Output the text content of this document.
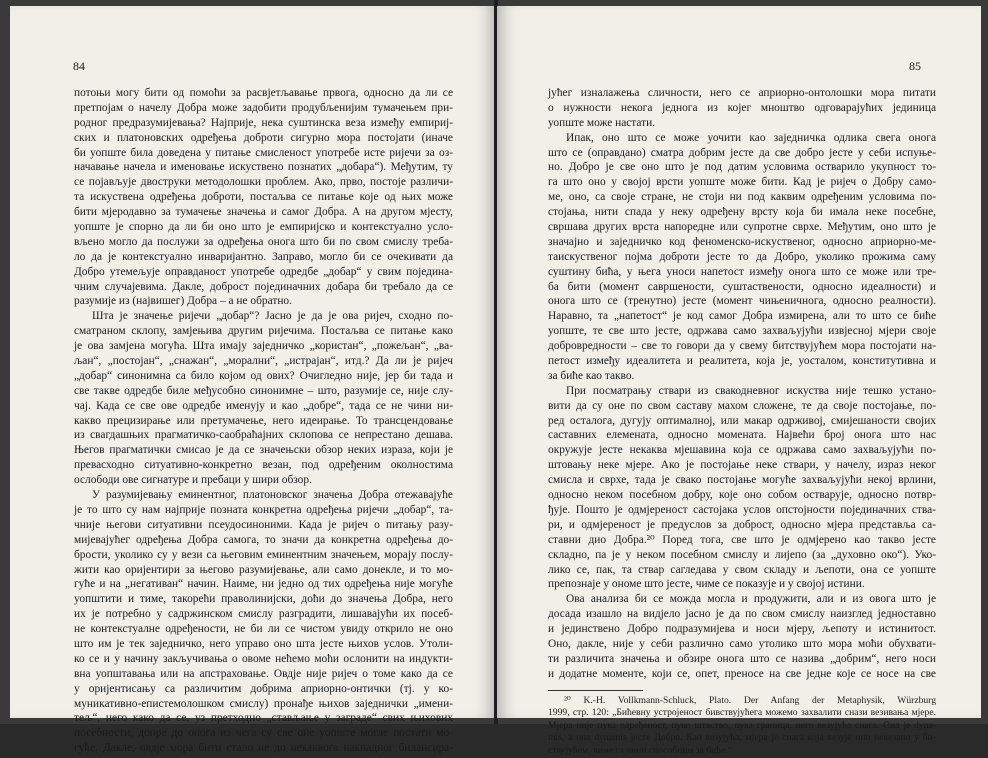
84
потоњи могу бити од помоћи за расвјетљавање првога, односно да ли се
претпојам о начелу Добра може задобити продубљенијим тумачењем при-
родног предразумијевања? Најприје, нека суштинска веза између емпириј-
ских и платоновских одређења доброти сигурно мора постојати (иначе
би уопште била доведена у питање смисленост употребе исте ријечи за оз-
начавање начела и именовање искуствено познатих „добара“). Међутим, ту
се појављује двоструки методолошки проблем. Ако, прво, постоје различи-
та искуствена одређења доброти, постаљва се питање које од њих може
бити мјеродавно за тумачење значења и самог Добра. А на другом мјесту,
уопште је спорно да ли би оно што је емпиријско и контекстуално усло-
вљено могло да послужи за одређења онога што би по свом смислу треба-
ло да је контекстуално инваријантно. Заправо, могло би се очекивати да
Добро утемељује оправданост употребе одредбе „добар“ у свим поједина-
чним случајевима. Дакле, доброст појединачних добара би требало да се
разумије из (највишег) Добра – а не обратно.
Шта је значење ријечи „добар“? Јасно је да је ова ријеч, сходно по-
сматраном склопу, замјењива другим ријечима. Постаљва се питање како
је ова замјена могућа. Шта имају заједничко „користан“, „пожељан“, „ва-
љан“, „постојан“, „снажан“, „морални“, „истрајан“, итд.? Да ли је ријеч
„добар“ синонимна са било којом од ових? Очигледно није, јер би тада и
све такве одредбе биле међусобно синонимне – што, разумије се, није слу-
чај. Када се све ове одредбе именују и као „добре“, тада се не чини ни-
какво прецизирање или претумачење, него идеирање. То трансцендовање
из свагдашњих прагматичко-саобраћајних склопова се непрестано дешава.
Његов прагматички смисао је да се значењски обзор неких израза, који је
превасходно ситуативно-конкретно везан, под одређеним околностима
ослободи ове сигнатуре и пребаци у шири обзор.
У разумијевању еминентног, платоновског значења Добра отежавајуће
је то што су нам најприје позната конкретна одређења ријечи „добар“, та-
чније његови ситуативни псеудосиноними. Када је ријеч о питању разу-
мијевајућег одређења Добра самога, то значи да конкретна одређења до-
брости, уколико су у вези са његовим еминентним значењем, морају послу-
жити као оријентири за његово разумијевање, али само донекле, и то мо-
гуће и на „негативан“ начин. Наиме, ни једно од тих одређења није могуће
уопштити и тиме, такорећи праволинијски, доћи до значења Добра, него
их је потребно у садржинском смислу разградити, лишавајући их посеб-
не контекстуалне одређености, не би ли се чистом увиду открило не оно
што им је тек заједничко, него управо оно шта јесте њихов услов. Утоли-
ко се и у начину закључивања о овоме нећемо моћи ослонити на индукти-
вна уопштавања или на апстраховање. Овдје није ријеч о томе како да се
у оријентисању са различитим добрима априорно-онтички (тј. у ко-
муникативно-епистемолошком смислу) пронађе њихов заједнички „имени-
тељ“, него како да се, уз претходно „стављање у заграде“ свих њихових
посебности, допре до онога из чега су све оне уопште могле постати мо-
гуће. Дакле, овдје мора бити стало не до некаквога накнадног билансира-
85
јућег изналажења сличности, него се априорно-онтолошки мора питати
о нужности некога једнога из којег мноштво одговарајућих јединица
уопште може настати.
Ипак, оно што се може уочити као заједничка одлика свега онога
што се (оправдано) сматра добрим јесте да све добро јесте у себи испуње-
но. Добро је све оно што је под датим условима остварило укупност то-
га што оно у својој врсти уопште може бити. Кад је ријеч о Добру само-
ме, оно, са своје стране, не стоји ни под каквим одређеним условима по-
стојања, нити спада у неку одређену врсту која би имала неке посебне,
свршава других врста напоредне или супротне сврхе. Међутим, оно што је
значајно и заједничко код феноменско-искуственог, односно априорно-ме-
таискуственог појма доброти јесте то да Добро, уколико прожима саму
суштину бића, у њега уноси напетост између онога што се може или тре-
ба бити (момент савршености, суштаствености, односно идеалности) и
онога што се (тренутно) јесте (момент чињеничнога, односно реалности).
Наравно, та „напетост“ је код самог Добра измирена, али то што се биће
уопште, те све што јесте, одржава само захваљујући извјесној мјери своје
добровредности – све то говори да у свему битствујућем мора постојати на-
петост између идеалитета и реалитета, која је, уосталом, конститутивна и
за биће као такво.
При посматрању ствари из свакодневног искуства није тешко устано-
вити да су оне по свом саставу махом сложене, те да своје постојање, по-
ред осталога, дугују оптималној, или макар одрживој, смијешаности својих
саставних елемената, односно момената. Највећи број онога што нас
окружује јесте некаква мјешавина која се одржава само захваљујући по-
штовању неке мјере. Ако је постојање неке ствари, у начелу, израз неког
смисла и сврхе, тада је свако постојање могуће захваљујући некој врлини,
односно неком посебном добру, које оно собом остварује, односно потвр-
ђује. Пошто је одмјереност састојака услов опстојности појединачних ства-
ри, и одмјереност је предуслов за доброст, односно мјера представља са-
ставни дио Добра.²⁰ Поред тога, све што је одмјерено као такво јесте
складно, па је у неком посебном смислу и лијепо (за „духовно око“). Уко-
лико се, пак, та ствар сагледава у свом складу и љепоти, она се уопште
препознаје у ономе што јесте, чиме се показује и у својој истини.
Ова анализа би се можда могла и продужити, али и из овога што је
досада изашло на видјело јасно је да по свом смислу наизглед једноставно
и јединствено Добро подразумијева и носи мјеру, љепоту и истинитост.
Оно, дакле, није у себи различно само утолико што мора моћи обухвати-
ти различита значења и обзире онога што се назива „добрим“, него носи
и додатне моменте, који се, опет, преносе на све једне које се носе на све
²⁰ K.-H. Vollkmann-Schluck, Plato. Der Anfang der Metaphysik, Würzburg
1999, стр. 120: „Бићевну устројеност бивствујућега можемо захвалити снази везивања мјере.
Мјера није пука одређеност, пуко штаство, пука граница, него везујућа снага. Она је dyna-
mis, а она dynamis јесте Добро. Као везујућа, мјера је снага која везује оно невезано у би-
ствујућем, чиме га чини способним за биће.“
